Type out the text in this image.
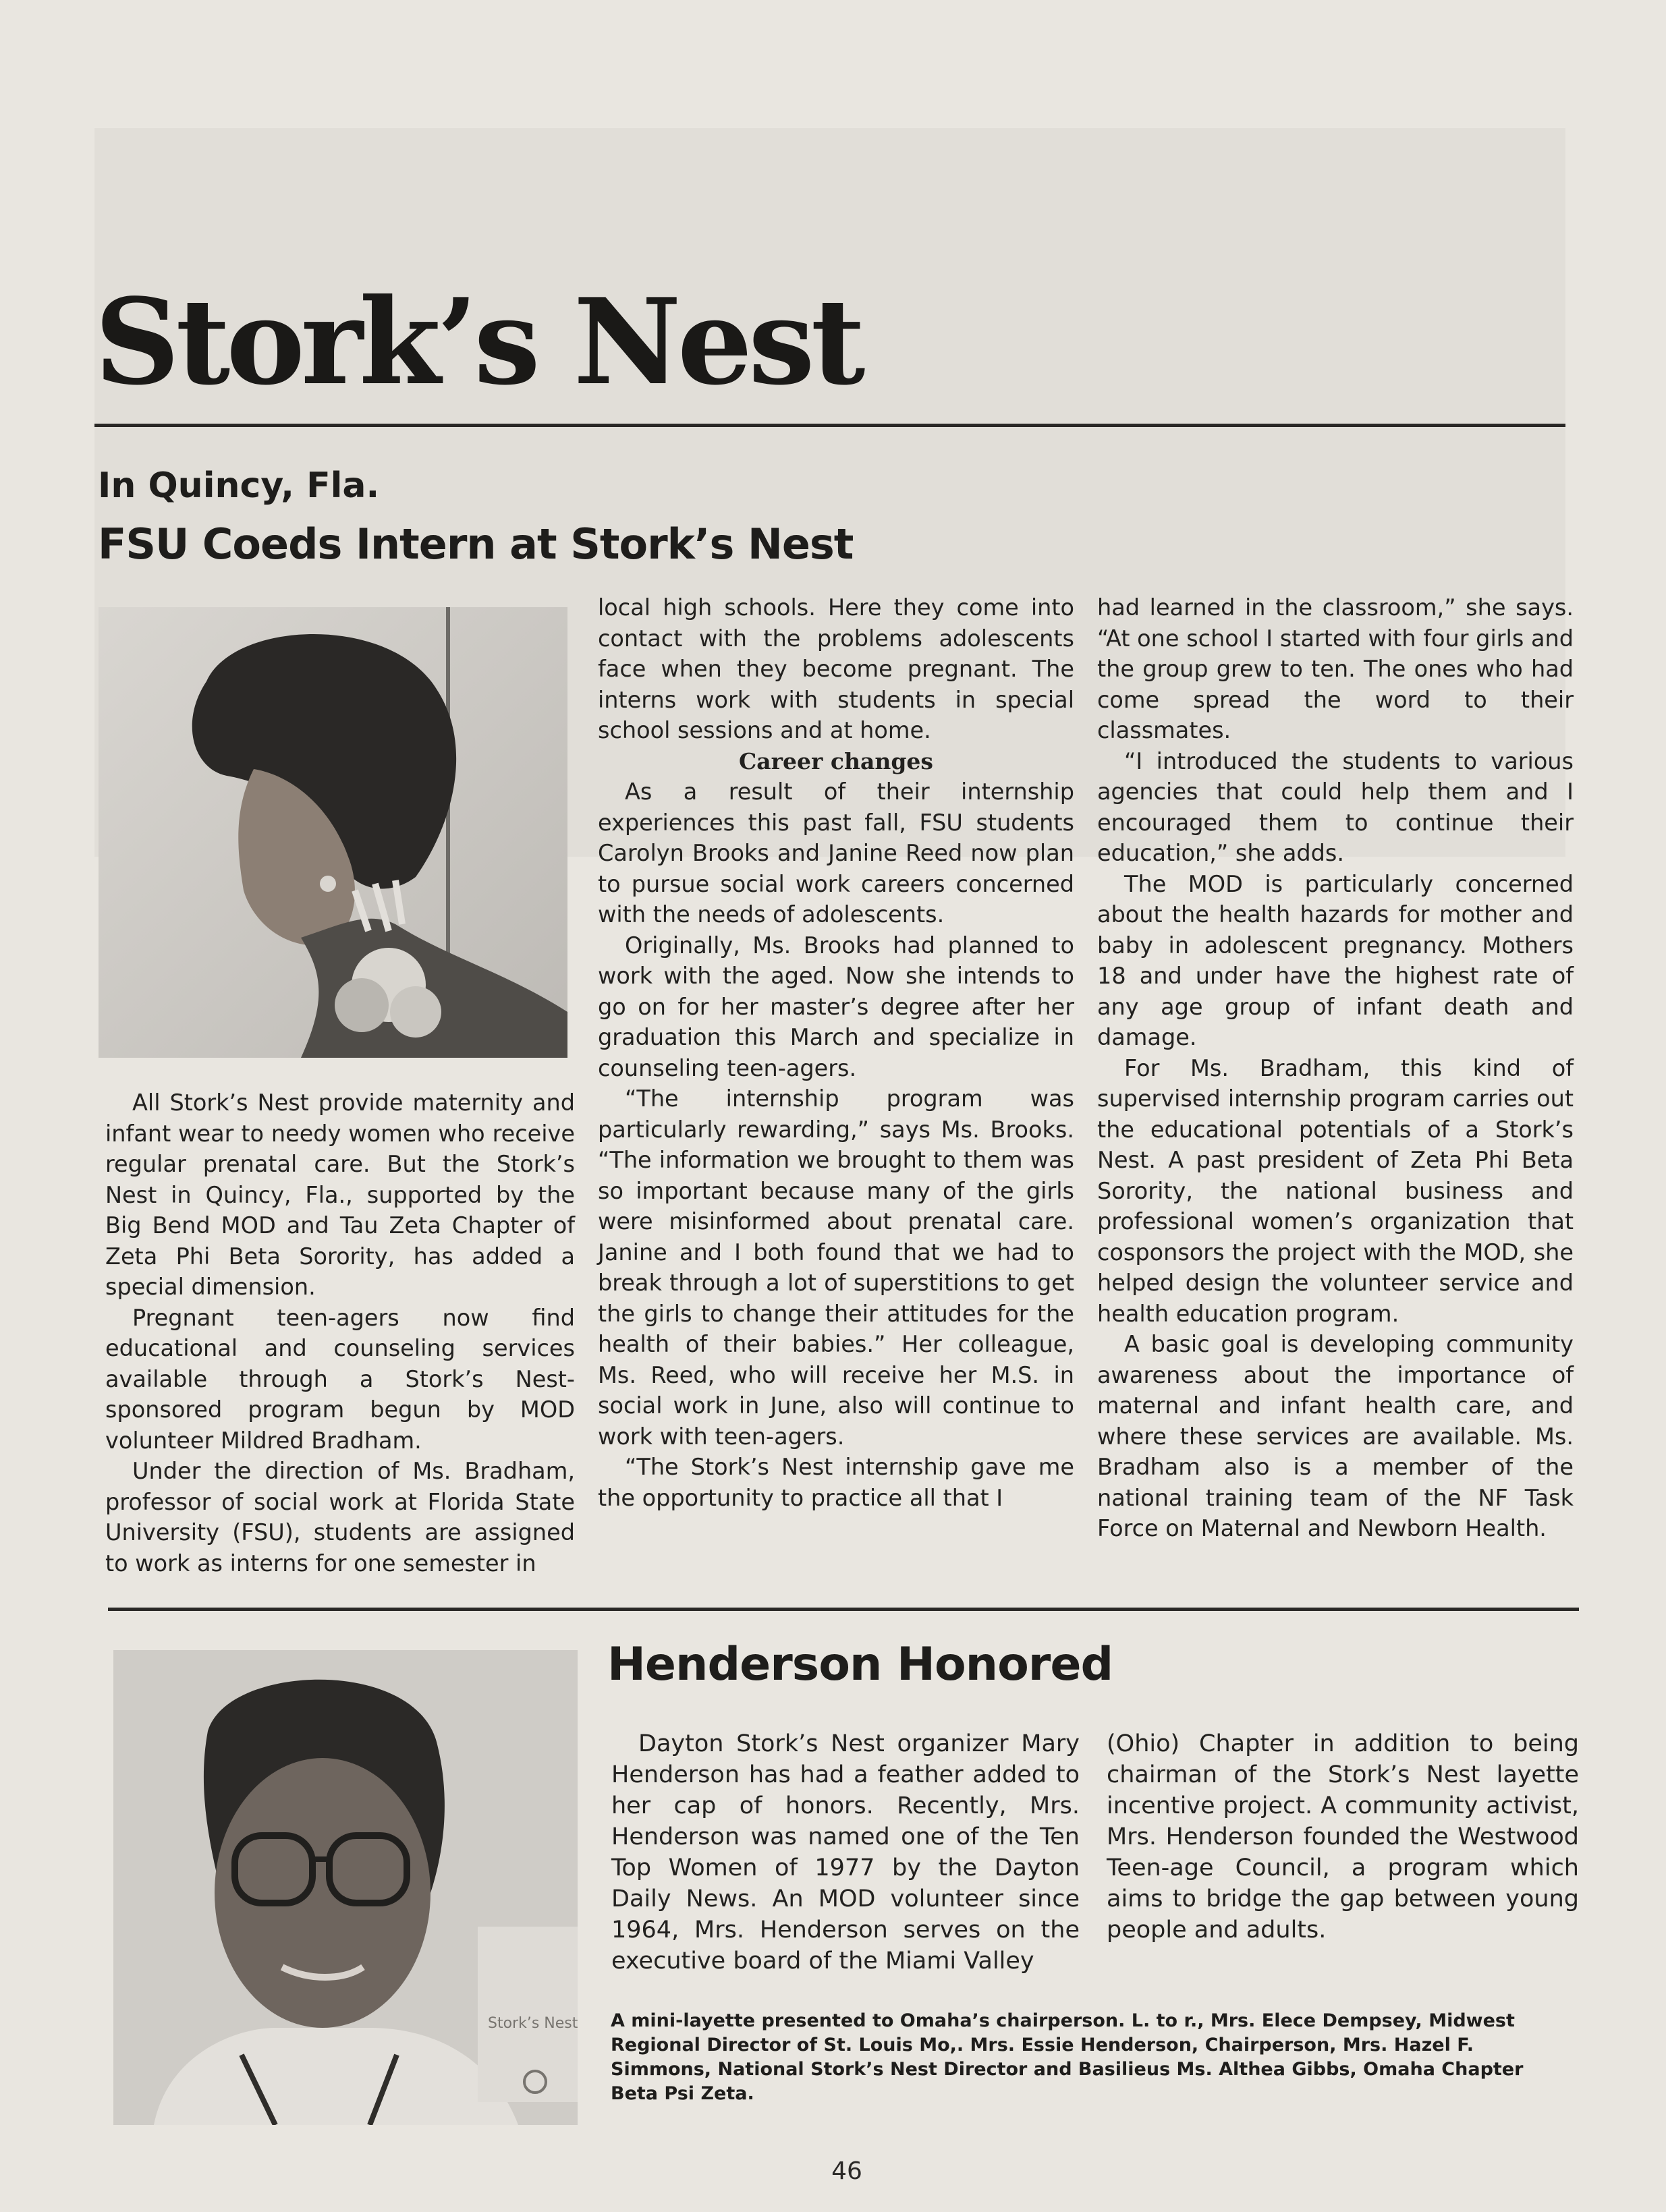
Stork’s Nest
In Quincy, Fla.
FSU Coeds Intern at Stork’s Nest

All Stork’s Nest provide maternity and infant wear to needy women who receive regular prenatal care. But the Stork’s Nest in Quincy, Fla., supported by the Big Bend MOD and Tau Zeta Chapter of Zeta Phi Beta Sorority, has added a special dimension.

Pregnant teen-agers now find educational and counseling services available through a Stork’s Nest-sponsored program begun by MOD volunteer Mildred Bradham.

Under the direction of Ms. Bradham, professor of social work at Florida State University (FSU), students are assigned to work as interns for one semester in

local high schools. Here they come into contact with the problems adolescents face when they become pregnant. The interns work with students in special school sessions and at home.

Career changes

As a result of their internship experiences this past fall, FSU students Carolyn Brooks and Janine Reed now plan to pursue social work careers concerned with the needs of adolescents.

Originally, Ms. Brooks had planned to work with the aged. Now she intends to go on for her master’s degree after her graduation this March and specialize in counseling teen-agers.

“The internship program was particularly rewarding,” says Ms. Brooks. “The information we brought to them was so important because many of the girls were misinformed about prenatal care. Janine and I both found that we had to break through a lot of superstitions to get the girls to change their attitudes for the health of their babies.” Her colleague, Ms. Reed, who will receive her M.S. in social work in June, also will continue to work with teen-agers.

“The Stork’s Nest internship gave me the opportunity to practice all that I

had learned in the classroom,” she says. “At one school I started with four girls and the group grew to ten. The ones who had come spread the word to their classmates.

“I introduced the students to various agencies that could help them and I encouraged them to continue their education,” she adds.

The MOD is particularly concerned about the health hazards for mother and baby in adolescent pregnancy. Mothers 18 and under have the highest rate of any age group of infant death and damage.

For Ms. Bradham, this kind of supervised internship program carries out the educational potentials of a Stork’s Nest. A past president of Zeta Phi Beta Sorority, the national business and professional women’s organization that cosponsors the project with the MOD, she helped design the volunteer service and health education program.

A basic goal is developing community awareness about the importance of maternal and infant health care, and where these services are available. Ms. Bradham also is a member of the national training team of the NF Task Force on Maternal and Newborn Health.

Stork’s Nest
Henderson Honored

Dayton Stork’s Nest organizer Mary Henderson has had a feather added to her cap of honors. Recently, Mrs. Henderson was named one of the Ten Top Women of 1977 by the Dayton Daily News. An MOD volunteer since 1964, Mrs. Henderson serves on the executive board of the Miami Valley

(Ohio) Chapter in addition to being chairman of the Stork’s Nest layette incentive project. A community activist, Mrs. Henderson founded the Westwood Teen-age Council, a program which aims to bridge the gap between young people and adults.

A mini-layette presented to Omaha’s chairperson. L. to r., Mrs. Elece Dempsey, Midwest Regional Director of St. Louis Mo,. Mrs. Essie Henderson, Chairperson, Mrs. Hazel F. Simmons, National Stork’s Nest Director and Basilieus Ms. Althea Gibbs, Omaha Chapter Beta Psi Zeta.
46
